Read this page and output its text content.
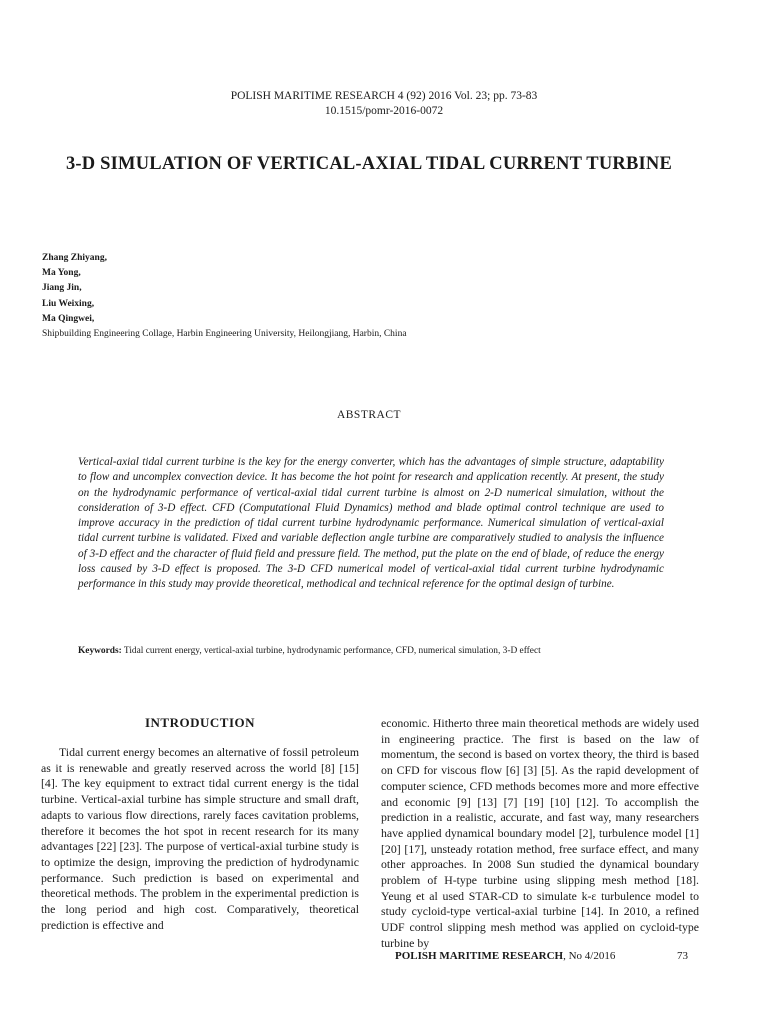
POLISH MARITIME RESEARCH 4 (92) 2016 Vol. 23; pp. 73-83
10.1515/pomr-2016-0072
3-D SIMULATION OF VERTICAL-AXIAL TIDAL CURRENT TURBINE
Zhang Zhiyang,
Ma Yong,
Jiang Jin,
Liu Weixing,
Ma Qingwei,
Shipbuilding Engineering Collage, Harbin Engineering University, Heilongjiang, Harbin, China
ABSTRACT
Vertical-axial tidal current turbine is the key for the energy converter, which has the advantages of simple structure, adaptability to flow and uncomplex convection device. It has become the hot point for research and application recently. At present, the study on the hydrodynamic performance of vertical-axial tidal current turbine is almost on 2-D numerical simulation, without the consideration of 3-D effect. CFD (Computational Fluid Dynamics) method and blade optimal control technique are used to improve accuracy in the prediction of tidal current turbine hydrodynamic performance. Numerical simulation of vertical-axial tidal current turbine is validated. Fixed and variable deflection angle turbine are comparatively studied to analysis the influence of 3-D effect and the character of fluid field and pressure field. The method, put the plate on the end of blade, of reduce the energy loss caused by 3-D effect is proposed. The 3-D CFD numerical model of vertical-axial tidal current turbine hydrodynamic performance in this study may provide theoretical, methodical and technical reference for the optimal design of turbine.
Keywords: Tidal current energy, vertical-axial turbine, hydrodynamic performance, CFD, numerical simulation, 3-D effect
INTRODUCTION

Tidal current energy becomes an alternative of fossil petroleum as it is renewable and greatly reserved across the world [8] [15] [4]. The key equipment to extract tidal current energy is the tidal turbine. Vertical-axial turbine has simple structure and small draft, adapts to various flow directions, rarely faces cavitation problems, therefore it becomes the hot spot in recent research for its many advantages [22] [23]. The purpose of vertical-axial turbine study is to optimize the design, improving the prediction of hydrodynamic performance. Such prediction is based on experimental and theoretical methods. The problem in the experimental prediction is the long period and high cost. Comparatively, theoretical prediction is effective and

economic. Hitherto three main theoretical methods are widely used in engineering practice. The first is based on the law of momentum, the second is based on vortex theory, the third is based on CFD for viscous flow [6] [3] [5]. As the rapid development of computer science, CFD methods becomes more and more effective and economic [9] [13] [7] [19] [10] [12]. To accomplish the prediction in a realistic, accurate, and fast way, many researchers have applied dynamical boundary model [2], turbulence model [1] [20] [17], unsteady rotation method, free surface effect, and many other approaches. In 2008 Sun studied the dynamical boundary problem of H-type turbine using slipping mesh method [18]. Yeung et al used STAR-CD to simulate k-ε turbulence model to study cycloid-type vertical-axial turbine [14]. In 2010, a refined UDF control slipping mesh method was applied on cycloid-type turbine by

POLISH MARITIME RESEARCH, No 4/2016	73
